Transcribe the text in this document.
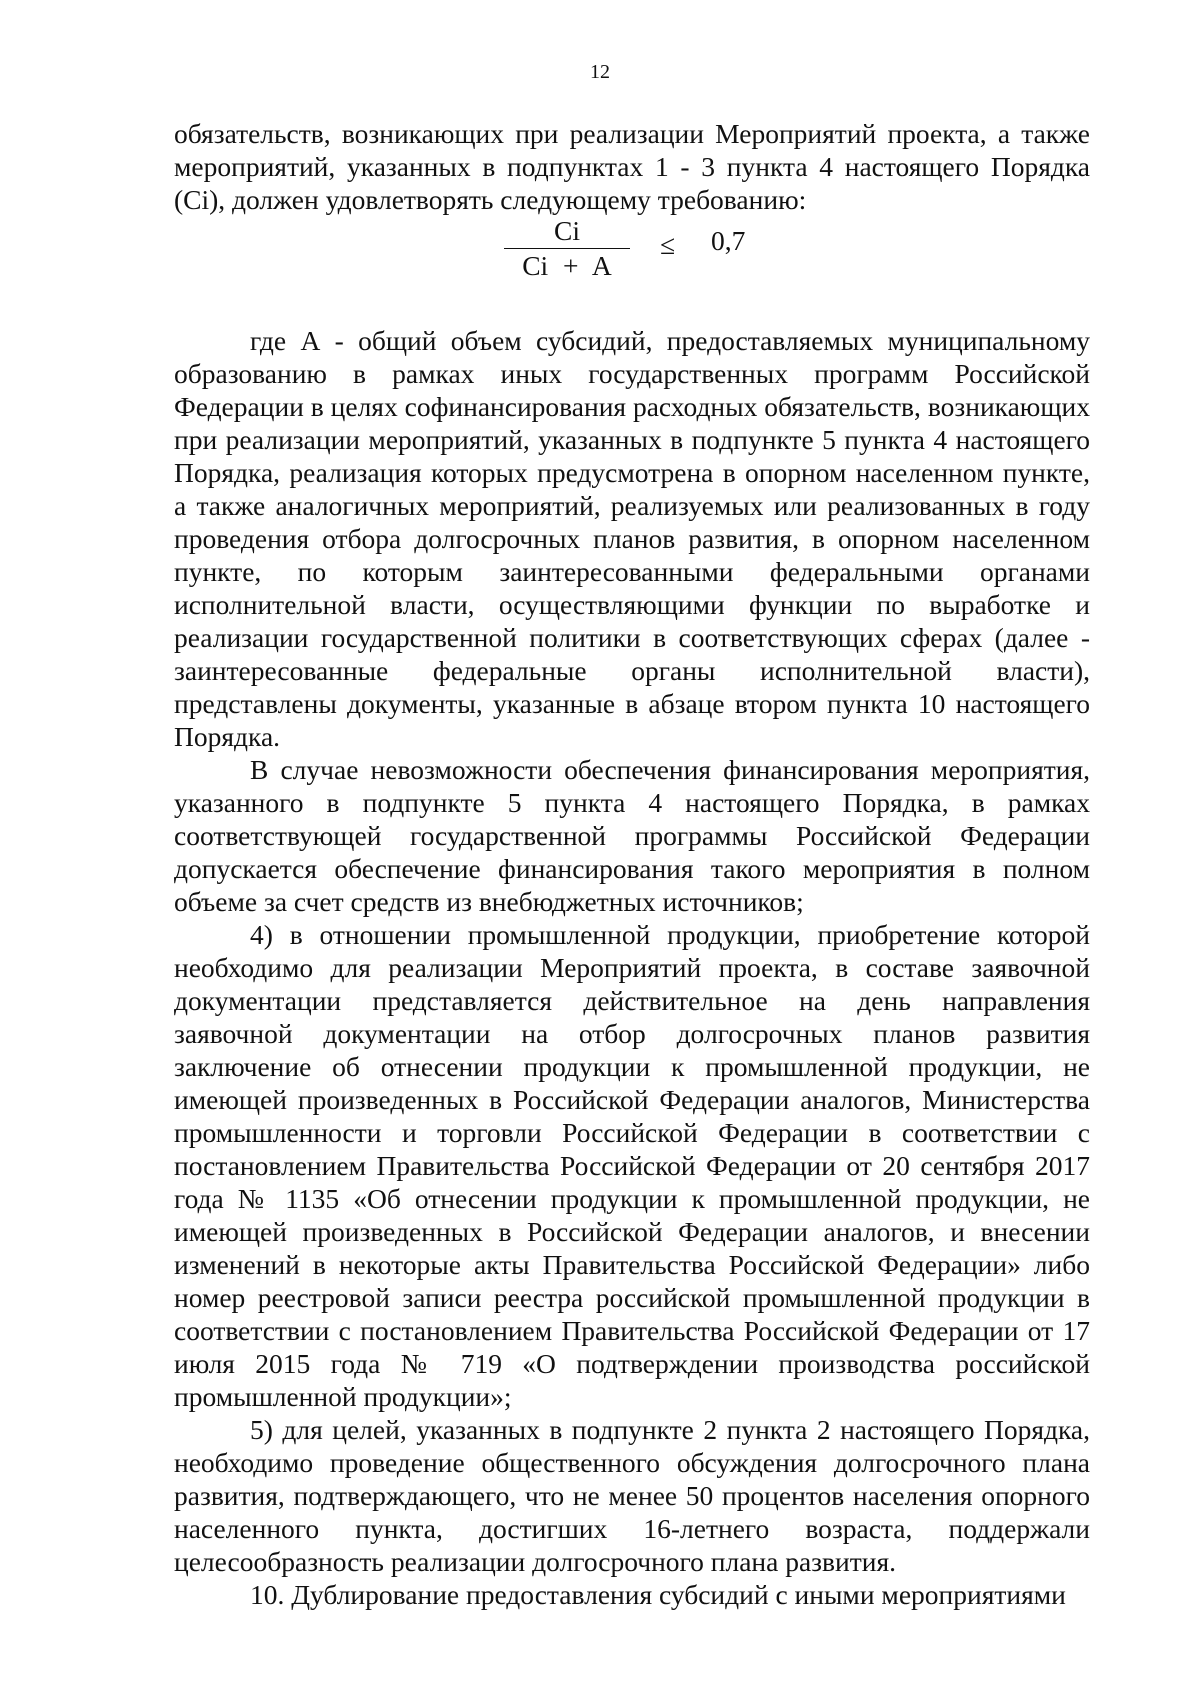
12

обязательств, возникающих при реализации Мероприятий проекта, а также мероприятий, указанных в подпунктах 1 - 3 пункта 4 настоящего Порядка (Ci), должен удовлетворять следующему требованию:

Ci
Ci + A
≤ 0,7

где А - общий объем субсидий, предоставляемых муниципальному образованию в рамках иных государственных программ Российской Федерации в целях софинансирования расходных обязательств, возникающих при реализации мероприятий, указанных в подпункте 5 пункта 4 настоящего Порядка, реализация которых предусмотрена в опорном населенном пункте, а также аналогичных мероприятий, реализуемых или реализованных в году проведения отбора долгосрочных планов развития, в опорном населенном пункте, по которым заинтересованными федеральными органами исполнительной власти, осуществляющими функции по выработке и реализации государственной политики в соответствующих сферах (далее - заинтересованные федеральные органы исполнительной власти), представлены документы, указанные в абзаце втором пункта 10 настоящего Порядка.

В случае невозможности обеспечения финансирования мероприятия, указанного в подпункте 5 пункта 4 настоящего Порядка, в рамках соответствующей государственной программы Российской Федерации допускается обеспечение финансирования такого мероприятия в полном объеме за счет средств из внебюджетных источников;

4) в отношении промышленной продукции, приобретение которой необходимо для реализации Мероприятий проекта, в составе заявочной документации представляется действительное на день направления заявочной документации на отбор долгосрочных планов развития заключение об отнесении продукции к промышленной продукции, не имеющей произведенных в Российской Федерации аналогов, Министерства промышленности и торговли Российской Федерации в соответствии с постановлением Правительства Российской Федерации от 20 сентября 2017 года № 1135 «Об отнесении продукции к промышленной продукции, не имеющей произведенных в Российской Федерации аналогов, и внесении изменений в некоторые акты Правительства Российской Федерации» либо номер реестровой записи реестра российской промышленной продукции в соответствии с постановлением Правительства Российской Федерации от 17 июля 2015 года № 719 «О подтверждении производства российской промышленной продукции»;

5) для целей, указанных в подпункте 2 пункта 2 настоящего Порядка, необходимо проведение общественного обсуждения долгосрочного плана развития, подтверждающего, что не менее 50 процентов населения опорного населенного пункта, достигших 16-летнего возраста, поддержали целесообразность реализации долгосрочного плана развития.

10. Дублирование предоставления субсидий с иными мероприятиями
